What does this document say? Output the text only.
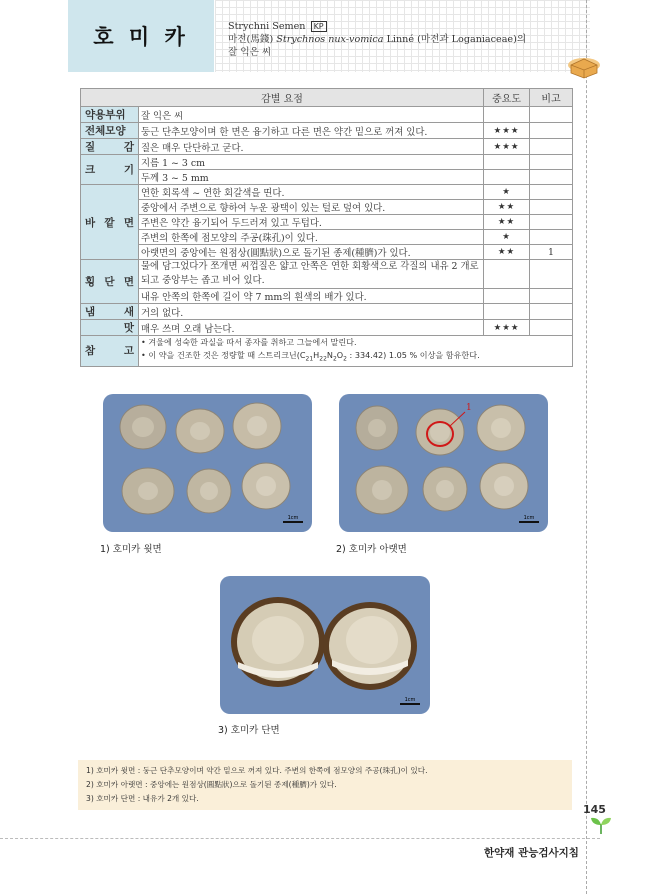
호 미 카	Strychni Semen KP
마전(馬錢) Strychnos nux-vomica Linné (마전과 Loganiaceae)의
잘 익은 씨
감별 요점		중요도	비고
약용부위	잘 익은 씨		
전체모양	둥근 단추모양이며 한 면은 융기하고 다른 면은 약간 밑으로 꺼져 있다.	★★★	
질 감	질은 매우 단단하고 굳다.	★★★	
크 기	지름 1 ~ 3 cm		
	두께 3 ~ 5 mm		
바 깥 면	연한 회록색 ~ 연한 회갈색을 띤다.	★	
	중앙에서 주변으로 향하여 누운 광택이 있는 털로 덮여 있다.	★★	
	주변은 약간 융기되어 두드러져 있고 두텁다.	★★	
	주변의 한쪽에 점모양의 주공(珠孔)이 있다.	★	
	아랫면의 중앙에는 원점상(圓點狀)으로 돌기된 종제(種臍)가 있다.	★★	1
횡 단 면	물에 담그었다가 쪼개면 씨껍질은 얇고 안쪽은 연한 회황색으로 각질의 내유 2 개로 되고 중앙부는 좁고 비어 있다.		
	내유 안쪽의 한쪽에 길이 약 7 mm의 흰색의 배가 있다.		
냄 새	거의 없다.		
맛	매우 쓰며 오래 남는다.	★★★	
참 고	• 겨울에 성숙한 과실을 따서 종자를 취하고 그늘에서 말린다.
• 이 약을 건조한 것은 정량할 때 스트리크닌($C_{21}H_{22}N_2O_2$ : 334.42) 1.05 % 이상을 함유한다.		
1cm
1) 호미카 윗면
1
1cm
2) 호미카 아랫면
1cm
3) 호미카 단면
1) 호미카 윗면 : 둥근 단추모양이며 약간 밑으로 꺼져 있다. 주변의 한쪽에 점모양의 주공(珠孔)이 있다.
2) 호미카 아랫면 : 중앙에는 원점상(圓點狀)으로 돌기된 종제(種臍)가 있다.
3) 호미카 단면 : 내유가 2개 있다.
145
한약재 관능검사지침
